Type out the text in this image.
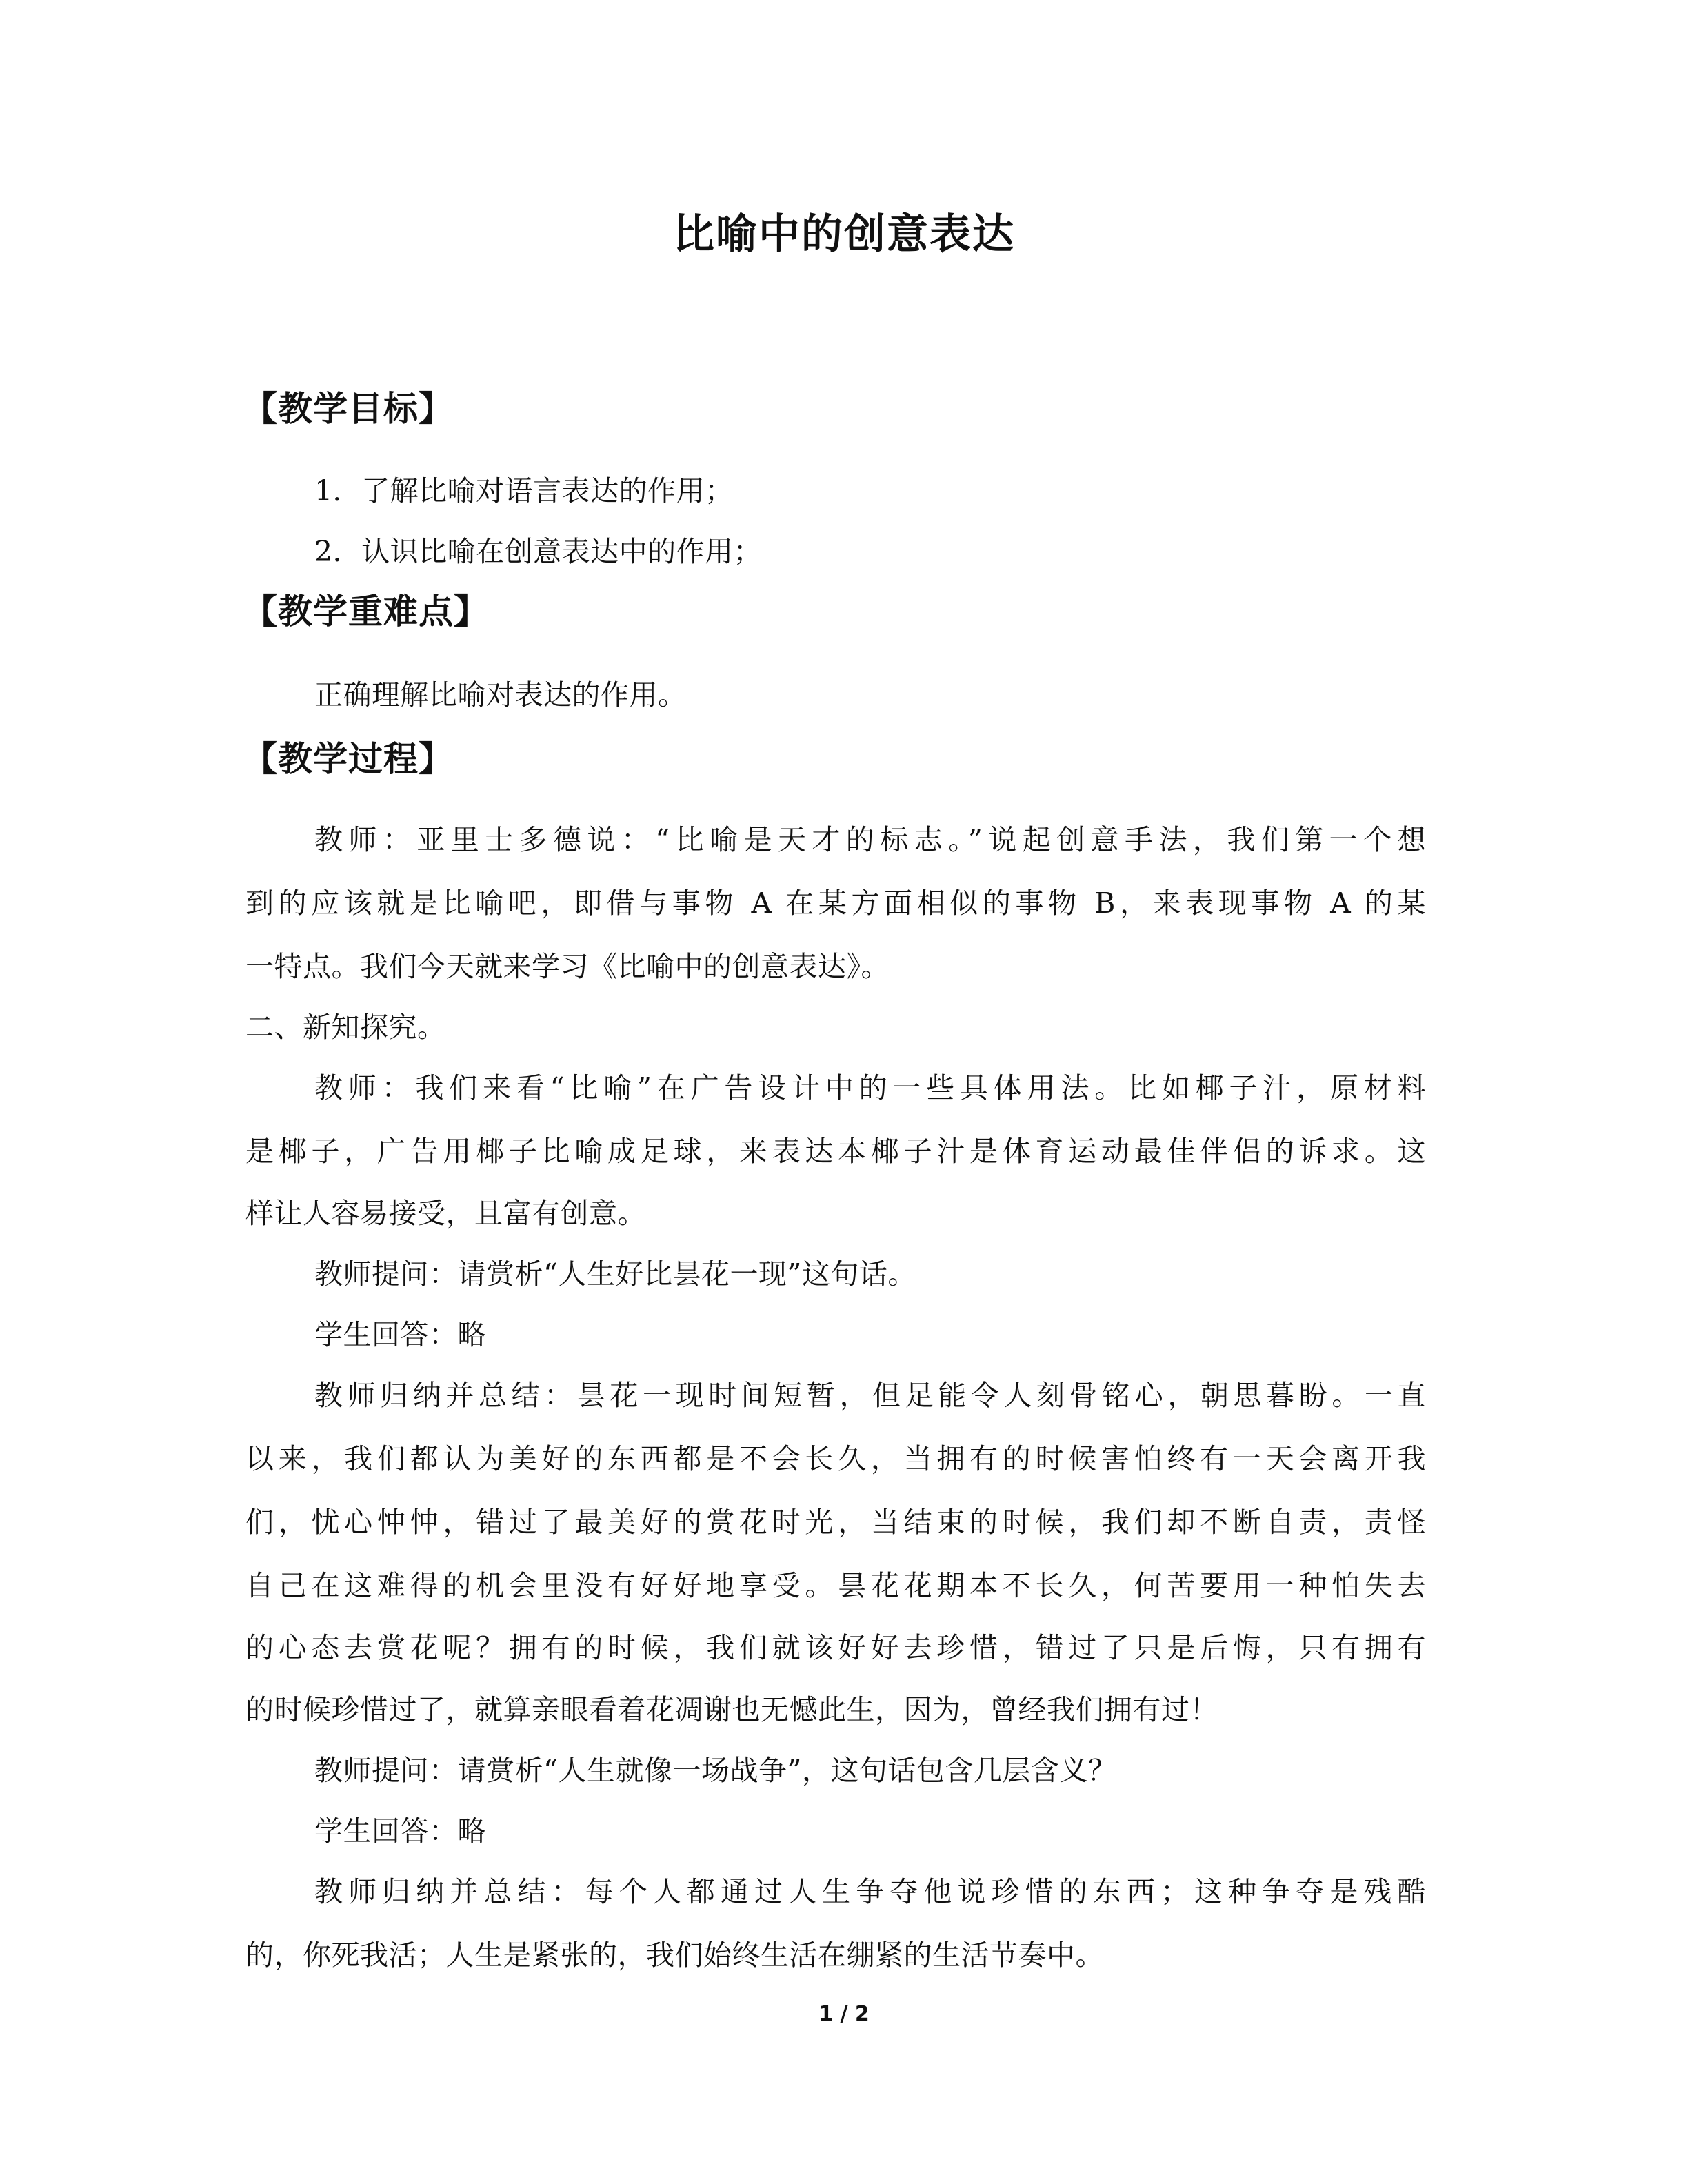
比喻中的创意表达
【教学目标】
1．了解比喻对语言表达的作用；
2．认识比喻在创意表达中的作用；
【教学重难点】
正确理解比喻对表达的作用。
【教学过程】
教师：亚里士多德说：“比喻是天才的标志。”说起创意手法，我们第一个想
到的应该就是比喻吧，即借与事物 A 在某方面相似的事物 B，来表现事物 A 的某
一特点。我们今天就来学习《比喻中的创意表达》。
二、新知探究。
教师：我们来看“比喻”在广告设计中的一些具体用法。比如椰子汁，原材料
是椰子，广告用椰子比喻成足球，来表达本椰子汁是体育运动最佳伴侣的诉求。这
样让人容易接受，且富有创意。
教师提问：请赏析“人生好比昙花一现”这句话。
学生回答：略
教师归纳并总结：昙花一现时间短暂，但足能令人刻骨铭心，朝思暮盼。一直
以来，我们都认为美好的东西都是不会长久，当拥有的时候害怕终有一天会离开我
们，忧心忡忡，错过了最美好的赏花时光，当结束的时候，我们却不断自责，责怪
自己在这难得的机会里没有好好地享受。昙花花期本不长久，何苦要用一种怕失去
的心态去赏花呢？拥有的时候，我们就该好好去珍惜，错过了只是后悔，只有拥有
的时候珍惜过了，就算亲眼看着花凋谢也无憾此生，因为，曾经我们拥有过！
教师提问：请赏析“人生就像一场战争”，这句话包含几层含义？
学生回答：略
教师归纳并总结：每个人都通过人生争夺他说珍惜的东西；这种争夺是残酷
的，你死我活；人生是紧张的，我们始终生活在绷紧的生活节奏中。
1 / 2
